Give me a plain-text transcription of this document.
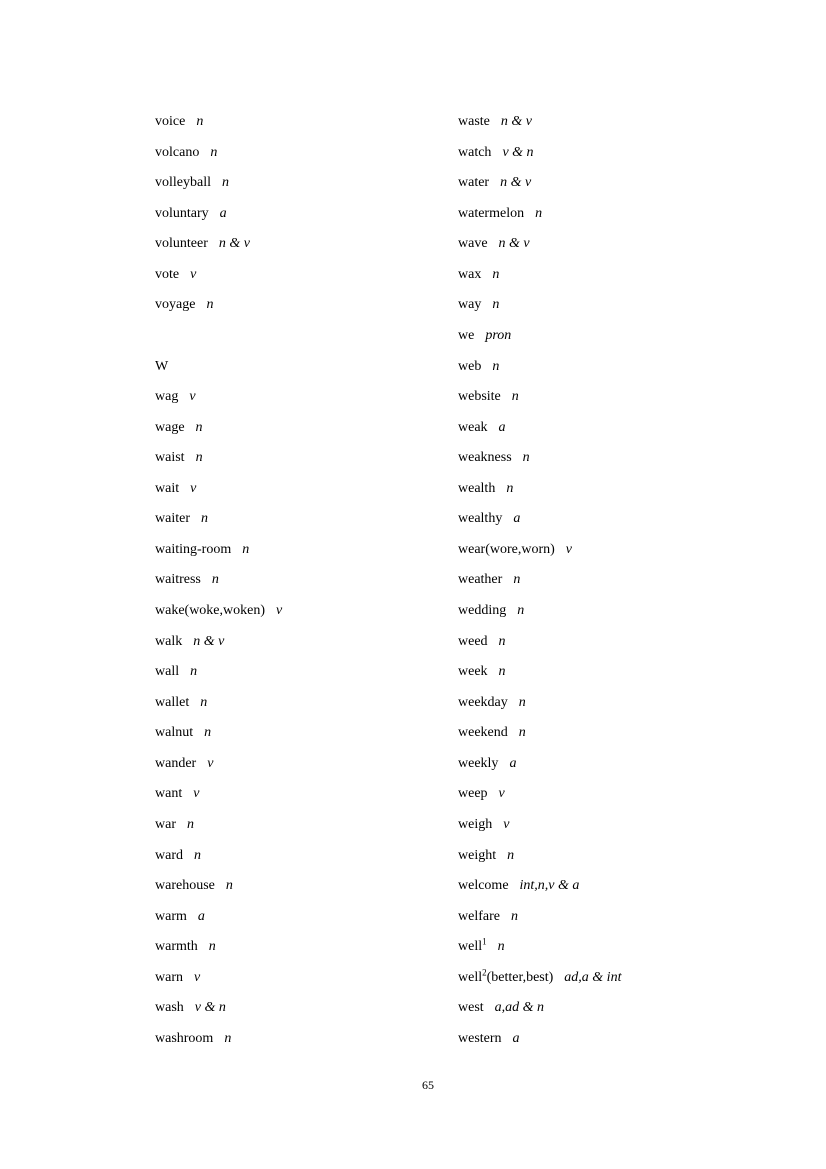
voice n
volcano n
volleyball n
voluntary a
volunteer n & v
vote v
voyage n
W
wag v
wage n
waist n
wait v
waiter n
waiting-room n
waitress n
wake(woke,woken) v
walk n & v
wall n
wallet n
walnut n
wander v
want v
war n
ward n
warehouse n
warm a
warmth n
warn v
wash v & n
washroom n
waste n & v
watch v & n
water n & v
watermelon n
wave n & v
wax n
way n
we pron
web n
website n
weak a
weakness n
wealth n
wealthy a
wear(wore,worn) v
weather n
wedding n
weed n
week n
weekday n
weekend n
weekly a
weep v
weigh v
weight n
welcome int,n,v & a
welfare n
well$^1$ n
well$^2$(better,best) ad,a & int
west a,ad & n
western a
65
